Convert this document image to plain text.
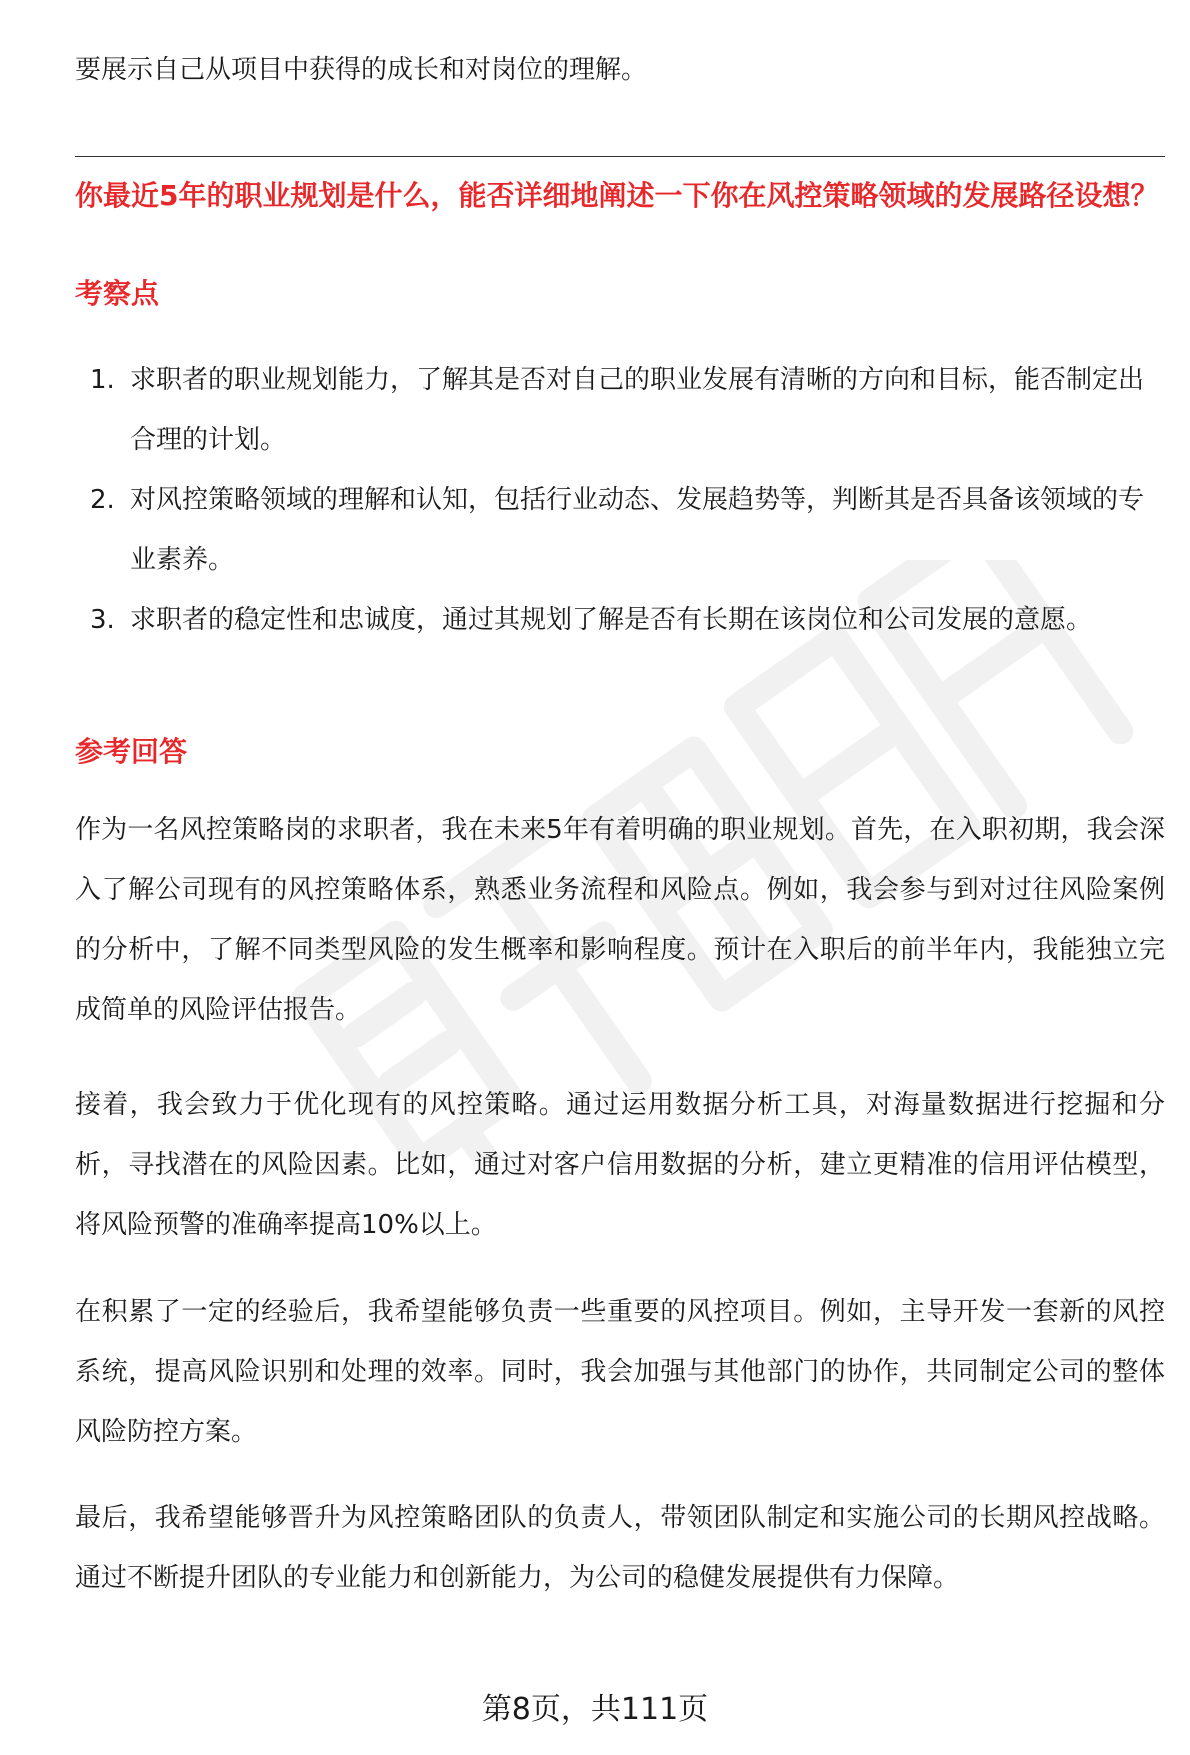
要展示自己从项目中获得的成长和对岗位的理解。

你最近5年的职业规划是什么，能否详细地阐述一下你在风控策略领域的发展路径设想？
考察点
1. 求职者的职业规划能力，了解其是否对自己的职业发展有清晰的方向和目标，能否制定出合理的计划。
2. 对风控策略领域的理解和认知，包括行业动态、发展趋势等，判断其是否具备该领域的专业素养。
3. 求职者的稳定性和忠诚度，通过其规划了解是否有长期在该岗位和公司发展的意愿。
参考回答

作为一名风控策略岗的求职者，我在未来5年有着明确的职业规划。首先，在入职初期，我会深入了解公司现有的风控策略体系，熟悉业务流程和风险点。例如，我会参与到对过往风险案例的分析中，了解不同类型风险的发生概率和影响程度。预计在入职后的前半年内，我能独立完成简单的风险评估报告。

接着，我会致力于优化现有的风控策略。通过运用数据分析工具，对海量数据进行挖掘和分析，寻找潜在的风险因素。比如，通过对客户信用数据的分析，建立更精准的信用评估模型，将风险预警的准确率提高10%以上。

在积累了一定的经验后，我希望能够负责一些重要的风控项目。例如，主导开发一套新的风控系统，提高风险识别和处理的效率。同时，我会加强与其他部门的协作，共同制定公司的整体风险防控方案。

最后，我希望能够晋升为风控策略团队的负责人，带领团队制定和实施公司的长期风控战略。通过不断提升团队的专业能力和创新能力，为公司的稳健发展提供有力保障。

第8页，共111页
